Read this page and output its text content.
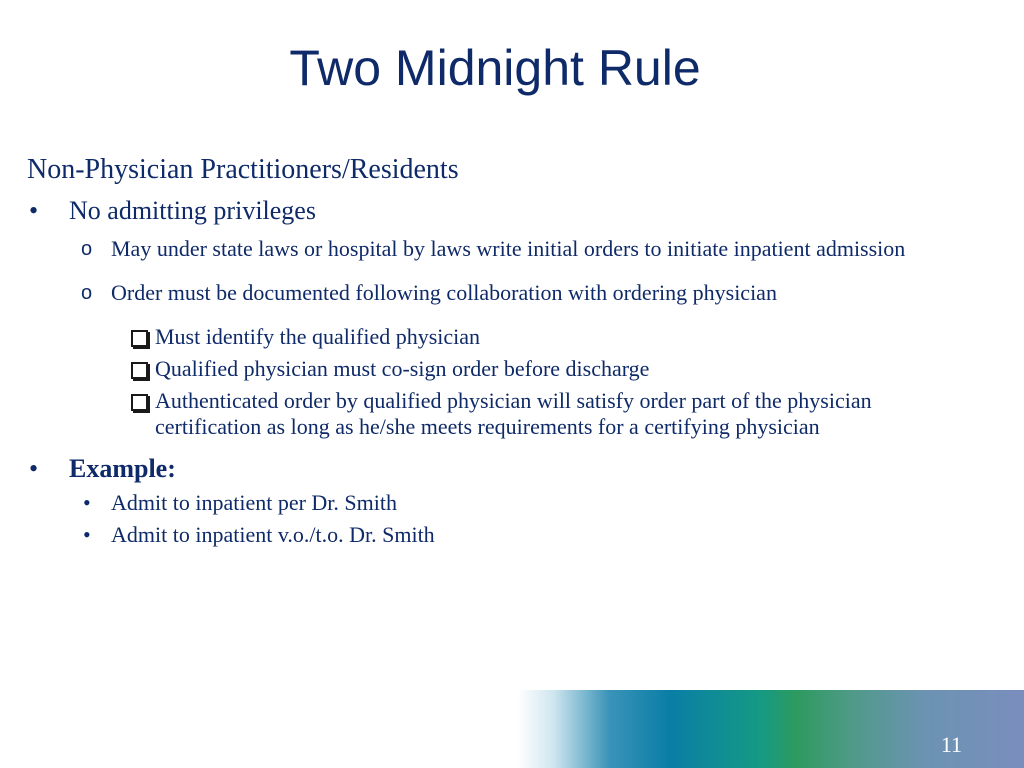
Two Midnight Rule

Non-Physician Practitioners/Residents

•	No admitting privileges
o May under state laws or hospital by laws write initial orders to initiate inpatient admission
o Order must be documented following collaboration with ordering physician
Must identify the qualified physician
Qualified physician must co-sign order before discharge
Authenticated order by qualified physician will satisfy order part of the physician certification as long as he/she meets requirements for a certifying physician
•	Example:
• Admit to inpatient per Dr. Smith
• Admit to inpatient v.o./t.o. Dr. Smith
11
